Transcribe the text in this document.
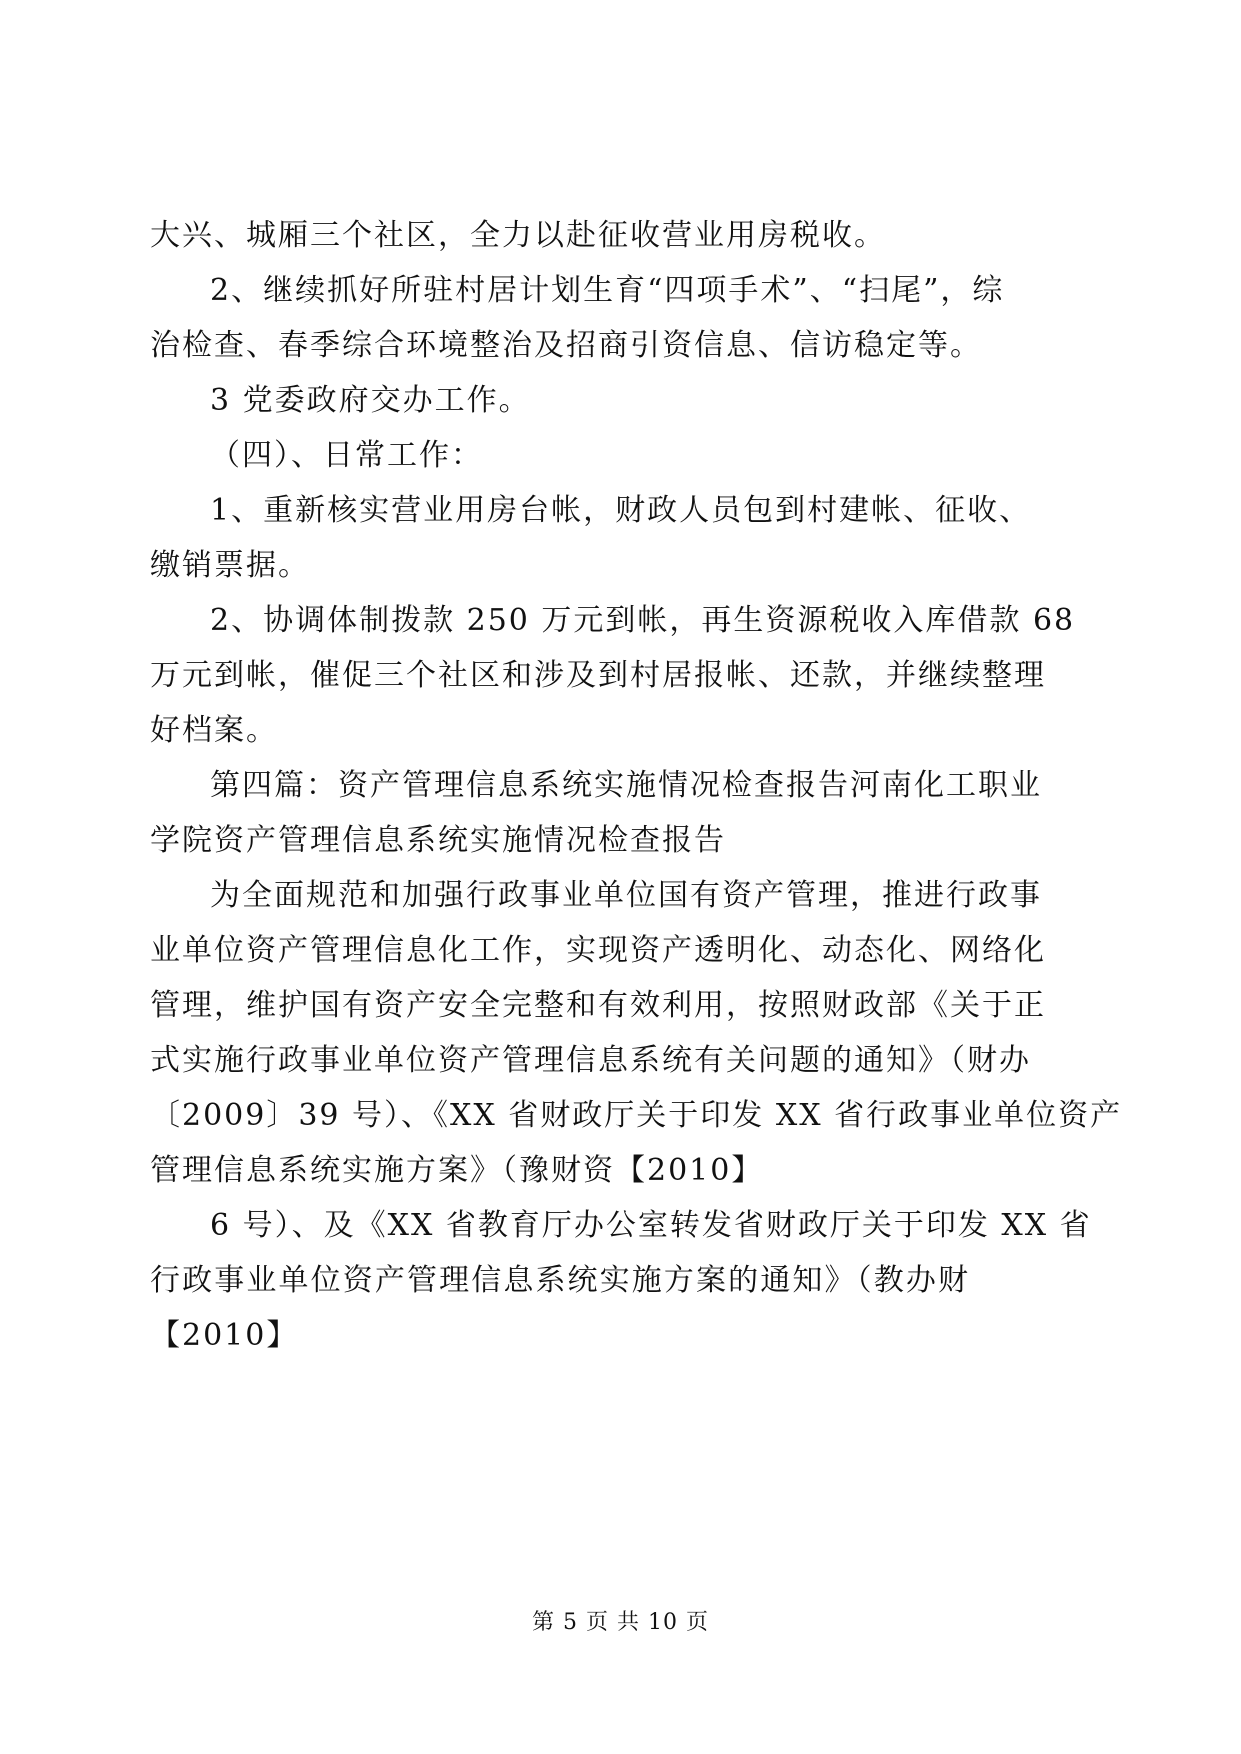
大兴、城厢三个社区，全力以赴征收营业用房税收。
2、继续抓好所驻村居计划生育“四项手术”、“扫尾”，综
治检查、春季综合环境整治及招商引资信息、信访稳定等。
3 党委政府交办工作。
（四）、日常工作：
1、重新核实营业用房台帐，财政人员包到村建帐、征收、
缴销票据。
2、协调体制拨款 250 万元到帐，再生资源税收入库借款 68
万元到帐，催促三个社区和涉及到村居报帐、还款，并继续整理
好档案。
第四篇：资产管理信息系统实施情况检查报告河南化工职业
学院资产管理信息系统实施情况检查报告
为全面规范和加强行政事业单位国有资产管理，推进行政事
业单位资产管理信息化工作，实现资产透明化、动态化、网络化
管理，维护国有资产安全完整和有效利用，按照财政部《关于正
式实施行政事业单位资产管理信息系统有关问题的通知》（财办
〔2009〕39 号）、《XX 省财政厅关于印发 XX 省行政事业单位资产
管理信息系统实施方案》（豫财资【2010】
6 号）、及《XX 省教育厅办公室转发省财政厅关于印发 XX 省
行政事业单位资产管理信息系统实施方案的通知》（教办财
【2010】
第 5 页 共 10 页
